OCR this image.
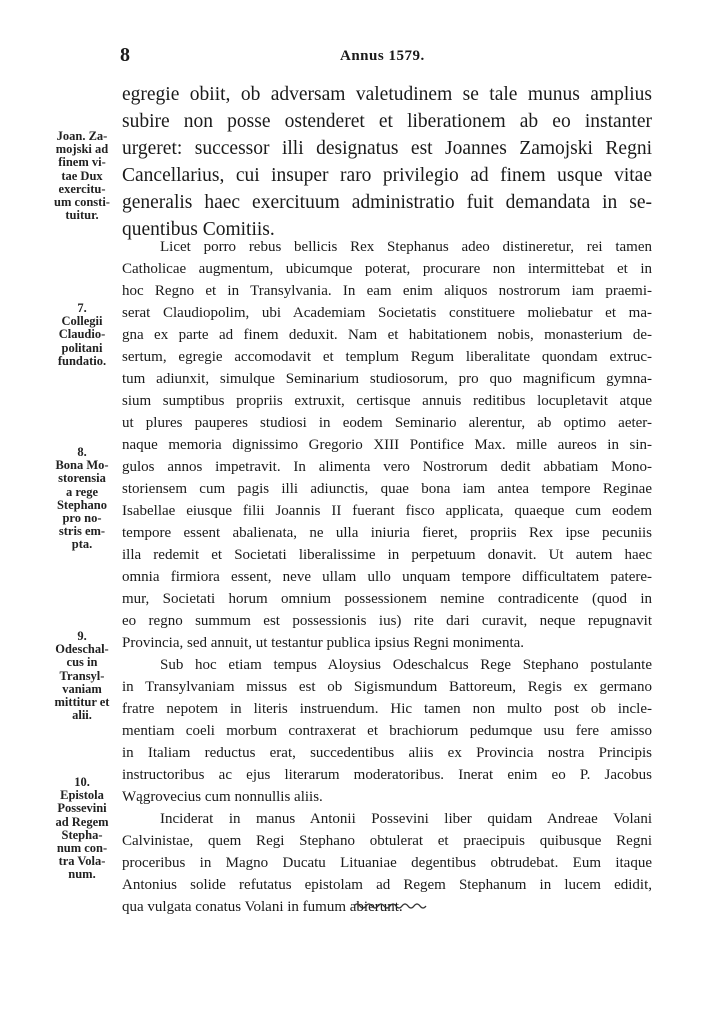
8	Annus 1579.
egregie obiit, ob adversam valetudinem se tale munus amplius
subire non posse ostenderet et liberationem ab eo instanter
urgeret: successor illi designatus est Joannes Zamojski Regni
Cancellarius, cui insuper raro privilegio ad finem usque vitae
generalis haec exercituum administratio fuit demandata in se-
quentibus Comitiis.
Licet porro rebus bellicis Rex Stephanus adeo distineretur, rei tamen
Catholicae augmentum, ubicumque poterat, procurare non intermittebat et in
hoc Regno et in Transylvania. In eam enim aliquos nostrorum iam praemi-
serat Claudiopolim, ubi Academiam Societatis constituere moliebatur et ma-
gna ex parte ad finem deduxit. Nam et habitationem nobis, monasterium de-
sertum, egregie accomodavit et templum Regum liberalitate quondam extruc-
tum adiunxit, simulque Seminarium studiosorum, pro quo magnificum gymna-
sium sumptibus propriis extruxit, certisque annuis reditibus locupletavit atque
ut plures pauperes studiosi in eodem Seminario alerentur, ab optimo aeter-
naque memoria dignissimo Gregorio XIII Pontifice Max. mille aureos in sin-
gulos annos impetravit. In alimenta vero Nostrorum dedit abbatiam Mono-
storiensem cum pagis illi adiunctis, quae bona iam antea tempore Reginae
Isabellae eiusque filii Joannis II fuerant fisco applicata, quaeque cum eodem
tempore essent abalienata, ne ulla iniuria fieret, propriis Rex ipse pecuniis
illa redemit et Societati liberalissime in perpetuum donavit. Ut autem haec
omnia firmiora essent, neve ullam ullo unquam tempore difficultatem patere-
mur, Societati horum omnium possessionem nemine contradicente (quod in
eo regno summum est possessionis ius) rite dari curavit, neque repugnavit
Provincia, sed annuit, ut testantur publica ipsius Regni monimenta.
Sub hoc etiam tempus Aloysius Odeschalcus Rege Stephano postulante
in Transylvaniam missus est ob Sigismundum Battoreum, Regis ex germano
fratre nepotem in literis instruendum. Hic tamen non multo post ob incle-
mentiam coeli morbum contraxerat et brachiorum pedumque usu fere amisso
in Italiam reductus erat, succedentibus aliis ex Provincia nostra Principis
instructoribus ac ejus literarum moderatoribus. Inerat enim eo P. Jacobus
Wągrovecius cum nonnullis aliis.
Inciderat in manus Antonii Possevini liber quidam Andreae Volani
Calvinistae, quem Regi Stephano obtulerat et praecipuis quibusque Regni
proceribus in Magno Ducatu Lituaniae degentibus obtrudebat. Eum itaque
Antonius solide refutatus epistolam ad Regem Stephanum in lucem edidit,
qua vulgata conatus Volani in fumum abierunt.
Joan. Za-
mojski ad
finem vi-
tae Dux
exercitu-
um consti-
tuitur.
7.
Collegii
Claudio-
politani
fundatio.
8.
Bona Mo-
storensia
a rege
Stephano
pro no-
stris em-
pta.
9.
Odeschal-
cus in
Transyl-
vaniam
mittitur et
alii.
10.
Epistola
Possevini
ad Regem
Stepha-
num con-
tra Vola-
num.
